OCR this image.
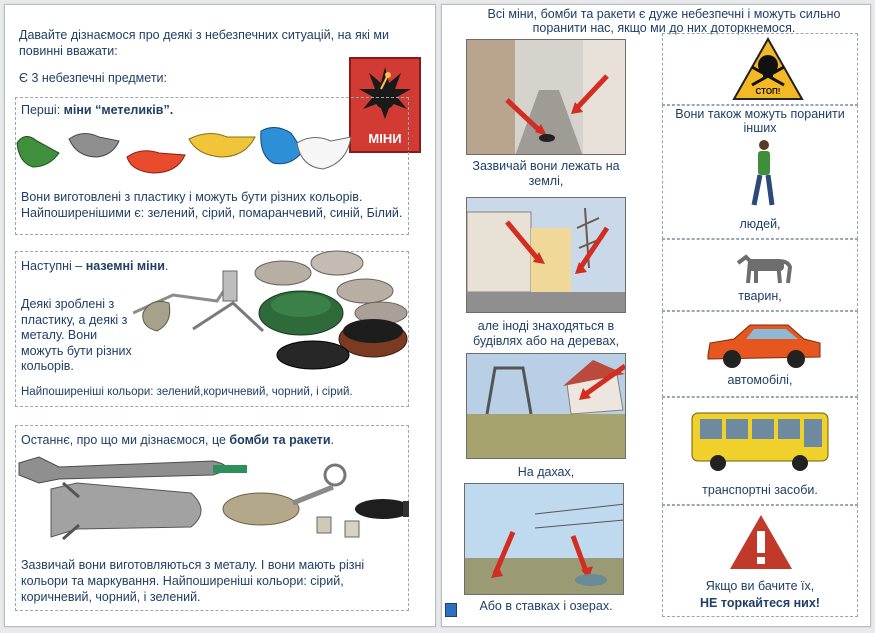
Давайте дізнаємося про деякі з небезпечних ситуацій, на які ми повинні вважати:
Є 3 небезпечні предмети:
МІНИ
Перші: міни “метеликів”.
Вони виготовлені з пластику і можуть бути різних кольорів. Найпоширенішими є: зелений, сірий, помаранчевий, синій, Білий.
Наступні – наземні міни.
Деякі зроблені з пластику, а деякі з металу. Вони можуть бути різних кольорів.
Найпоширеніші кольори: зелений,коричневий, чорний, і сірий.
Останнє, про що ми дізнаємося, це бомби та ракети.
Зазвичай вони виготовляються з металу. І вони мають різні кольори та маркування. Найпоширеніші кольори: сірий, коричневий, чорний, і зелений.
Всі міни, бомби та ракети є дуже небезпечні і можуть сильно поранити нас, якщо ми до них доторкнемося.
Зазвичай вони лежать на землі,
але іноді знаходяться в будівлях або на деревах,
На дахах,
Або в ставках і озерах.
СТОП!
Вони також можуть поранити інших
людей,
тварин,
автомобілі,
транспортні засоби.
Якщо ви бачите їх,
НЕ торкайтеся них!
